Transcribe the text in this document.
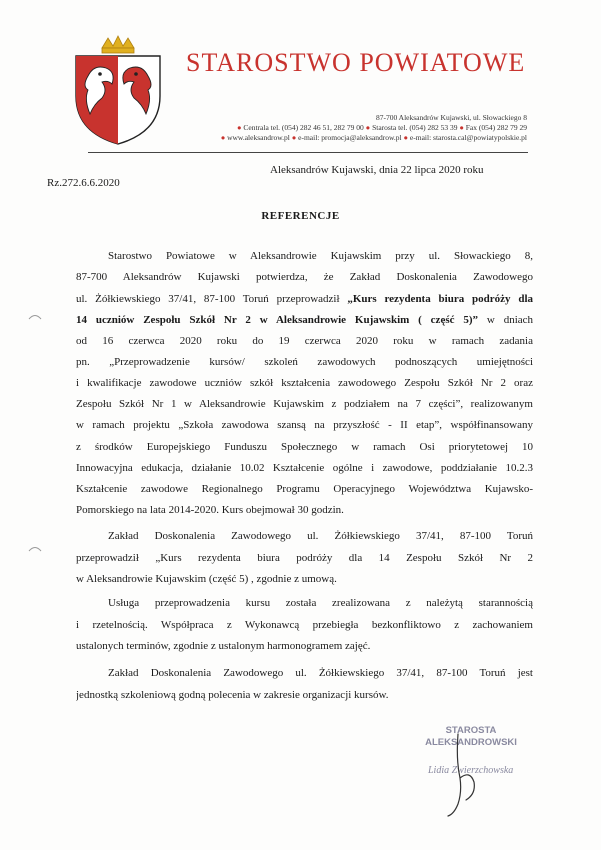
STAROSTWO POWIATOWE
87-700 Aleksandrów Kujawski, ul. Słowackiego 8
● Centrala tel. (054) 282 46 51, 282 79 00 ● Starosta tel. (054) 282 53 39 ● Fax (054) 282 79 29
● www.aleksandrow.pl ● e-mail: promocja@aleksandrow.pl ● e-mail: starosta.cal@powiatypolskie.pl
Aleksandrów Kujawski, dnia 22 lipca 2020 roku
Rz.272.6.6.2020
REFERENCJE
Starostwo Powiatowe w Aleksandrowie Kujawskim przy ul. Słowackiego 8,
87-700 Aleksandrów Kujawski potwierdza, że Zakład Doskonalenia Zawodowego
ul. Żółkiewskiego 37/41, 87-100 Toruń przeprowadził „Kurs rezydenta biura podróży dla
14 uczniów Zespołu Szkół Nr 2 w Aleksandrowie Kujawskim ( część 5)” w dniach
od 16 czerwca 2020 roku do 19 czerwca 2020 roku w ramach zadania
pn. „Przeprowadzenie kursów/ szkoleń zawodowych podnoszących umiejętności
i kwalifikacje zawodowe uczniów szkół kształcenia zawodowego Zespołu Szkół Nr 2 oraz
Zespołu Szkół Nr 1 w Aleksandrowie Kujawskim z podziałem na 7 części”, realizowanym
w ramach projektu „Szkoła zawodowa szansą na przyszłość - II etap”, współfinansowany
z środków Europejskiego Funduszu Społecznego w ramach Osi priorytetowej 10
Innowacyjna edukacja, działanie 10.02 Kształcenie ogólne i zawodowe, poddziałanie 10.2.3
Kształcenie zawodowe Regionalnego Programu Operacyjnego Województwa Kujawsko-
Pomorskiego na lata 2014-2020. Kurs obejmował 30 godzin.
Zakład Doskonalenia Zawodowego ul. Żółkiewskiego 37/41, 87-100 Toruń
przeprowadził „Kurs rezydenta biura podróży dla 14 Zespołu Szkół Nr 2
w Aleksandrowie Kujawskim (część 5) , zgodnie z umową.
Usługa przeprowadzenia kursu została zrealizowana z należytą starannością
i rzetelnością. Współpraca z Wykonawcą przebiegła bezkonfliktowo z zachowaniem
ustalonych terminów, zgodnie z ustalonym harmonogramem zajęć.
Zakład Doskonalenia Zawodowego ul. Żółkiewskiego 37/41, 87-100 Toruń jest
jednostką szkoleniową godną polecenia w zakresie organizacji kursów.
STAROSTA
ALEKSANDROWSKI
Lidia Zwierzchowska
